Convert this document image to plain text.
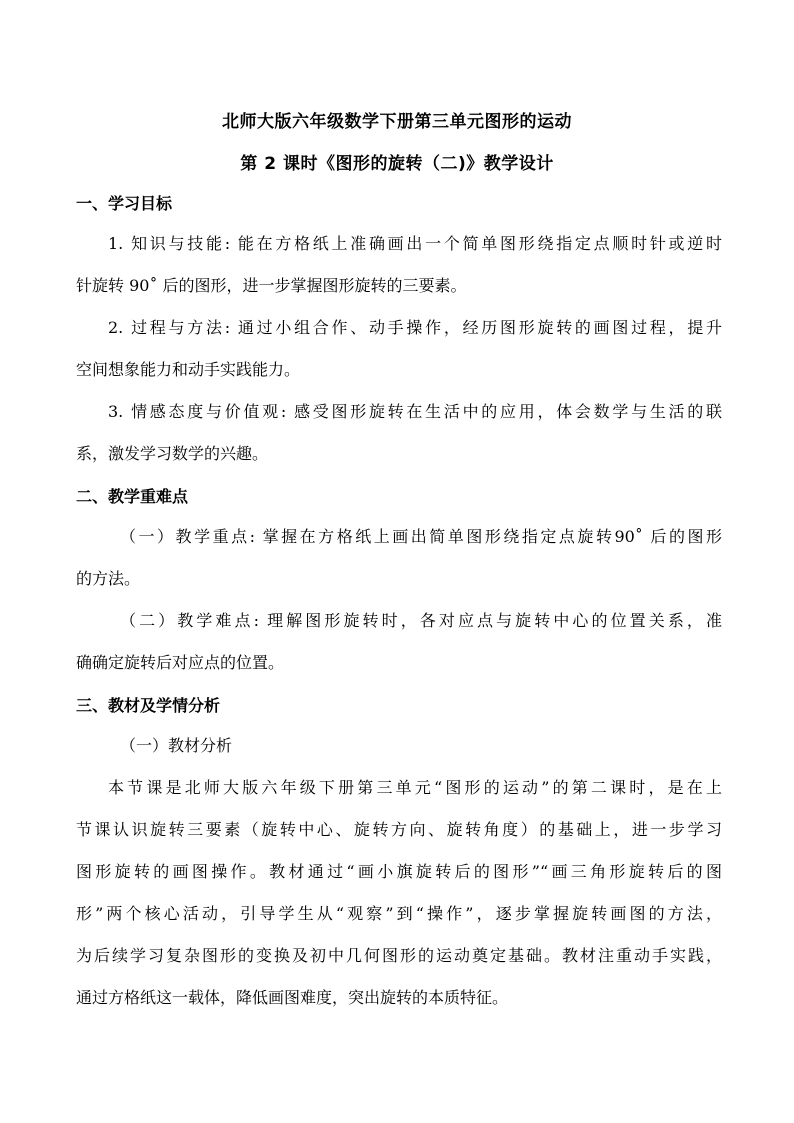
北师大版六年级数学下册第三单元图形的运动
第 2 课时《图形的旋转（二)》教学设计
一、学习目标
1. 知识与技能: 能在方格纸上准确画出一个简单图形绕指定点顺时针或逆时
针旋转 90˚ 后的图形，进一步掌握图形旋转的三要素。
2. 过程与方法: 通过小组合作、动手操作，经历图形旋转的画图过程，提升
空间想象能力和动手实践能力。
3. 情感态度与价值观: 感受图形旋转在生活中的应用，体会数学与生活的联
系，激发学习数学的兴趣。
二、教学重难点
（一）教学重点: 掌握在方格纸上画出简单图形绕指定点旋转90˚ 后的图形
的方法。
（二）教学难点: 理解图形旋转时，各对应点与旋转中心的位置关系，准
确确定旋转后对应点的位置。
三、教材及学情分析
（一）教材分析
本节课是北师大版六年级下册第三单元“图形的运动”的第二课时，是在上
节课认识旋转三要素（旋转中心、旋转方向、旋转角度）的基础上，进一步学习
图形旋转的画图操作。教材通过“画小旗旋转后的图形”“画三角形旋转后的图
形”两个核心活动，引导学生从“观察”到“操作”，逐步掌握旋转画图的方法，
为后续学习复杂图形的变换及初中几何图形的运动奠定基础。教材注重动手实践，
通过方格纸这一载体，降低画图难度，突出旋转的本质特征。
